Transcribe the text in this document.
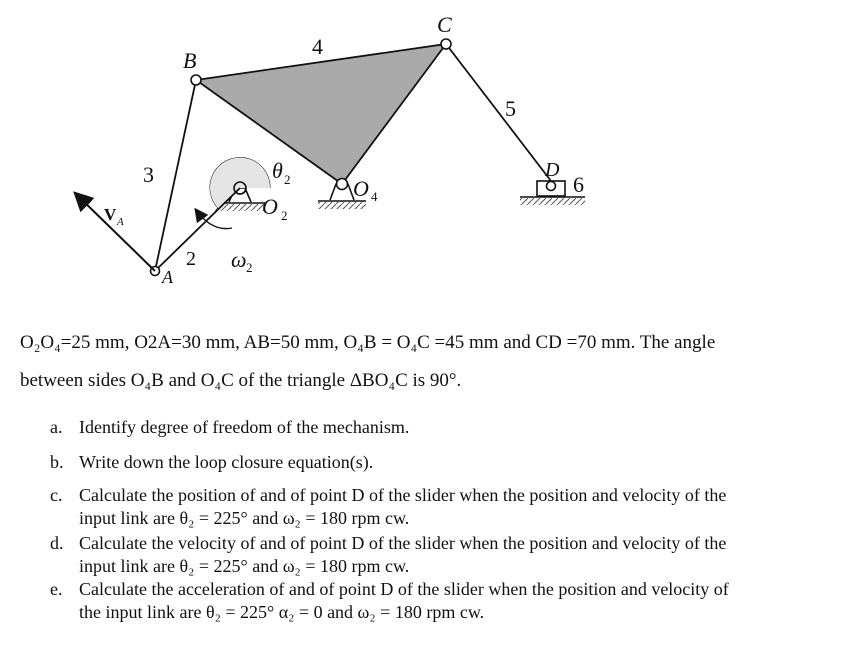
4
3
5
6
2
B
C
D
A
O 2
O 4
θ 2
ω 2
V A
O₂O₄=25 mm, O2A=30 mm, AB=50 mm, O₄B = O₄C =45 mm and CD =70 mm. The angle
between sides O₄B and O₄C of the triangle ΔBO₄C is 90°.
a. Identify degree of freedom of the mechanism.
b. Write down the loop closure equation(s).
c. Calculate the position of and of point D of the slider when the position and velocity of the
input link are θ₂ = 225° and ω₂ = 180 rpm cw.
d. Calculate the velocity of and of point D of the slider when the position and velocity of the
input link are θ₂ = 225° and ω₂ = 180 rpm cw.
e. Calculate the acceleration of and of point D of the slider when the position and velocity of
the input link are θ₂ = 225° α₂ = 0 and ω₂ = 180 rpm cw.
